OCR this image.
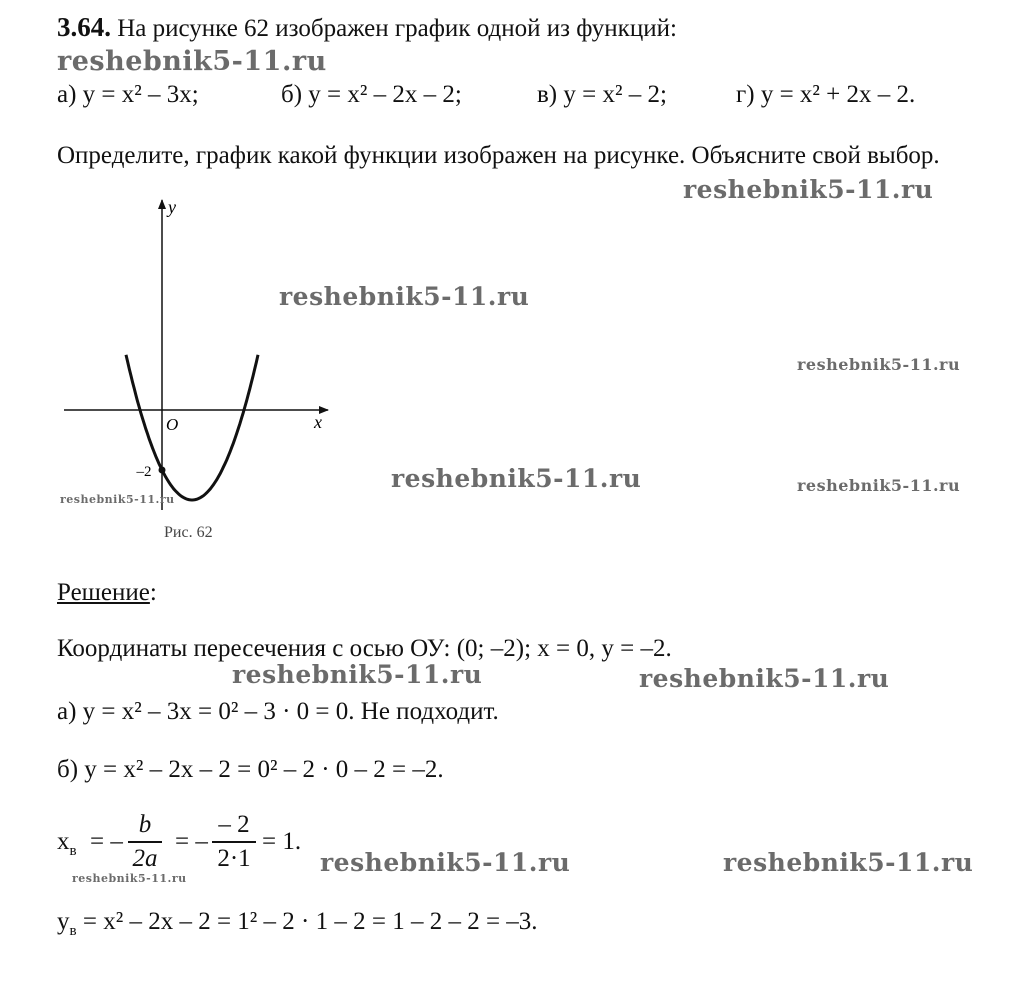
3.64. На рисунке 62 изображен график одной из функций:
reshebnik5-11.ru
а) y = x² – 3x;	б) y = x² – 2x – 2;	в) y = x² – 2;	г) y = x² + 2x – 2.
Определите, график какой функции изображен на рисунке. Объясните свой выбор.
reshebnik5-11.ru
y
x
O
–2
Рис. 62
reshebnik5-11.ru
reshebnik5-11.ru
reshebnik5-11.ru	reshebnik5-11.ru
reshebnik5-11.ru
Решение:
Координаты пересечения с осью ОУ: (0; –2); x = 0, y = –2.
reshebnik5-11.ru	reshebnik5-11.ru
а) y = x² – 3x = 0² – 3 · 0 = 0. Не подходит.
б) y = x² – 2x – 2 = 0² – 2 · 0 – 2 = –2.
$x_в$ = –
b
2a
= –
– 2
2·1
= 1.
reshebnik5-11.ru
reshebnik5-11.ru	reshebnik5-11.ru
$y_в = x^2 - 2x - 2 = 1^2 - 2 \cdot 1 - 2 = 1 - 2 - 2 = -3$.
